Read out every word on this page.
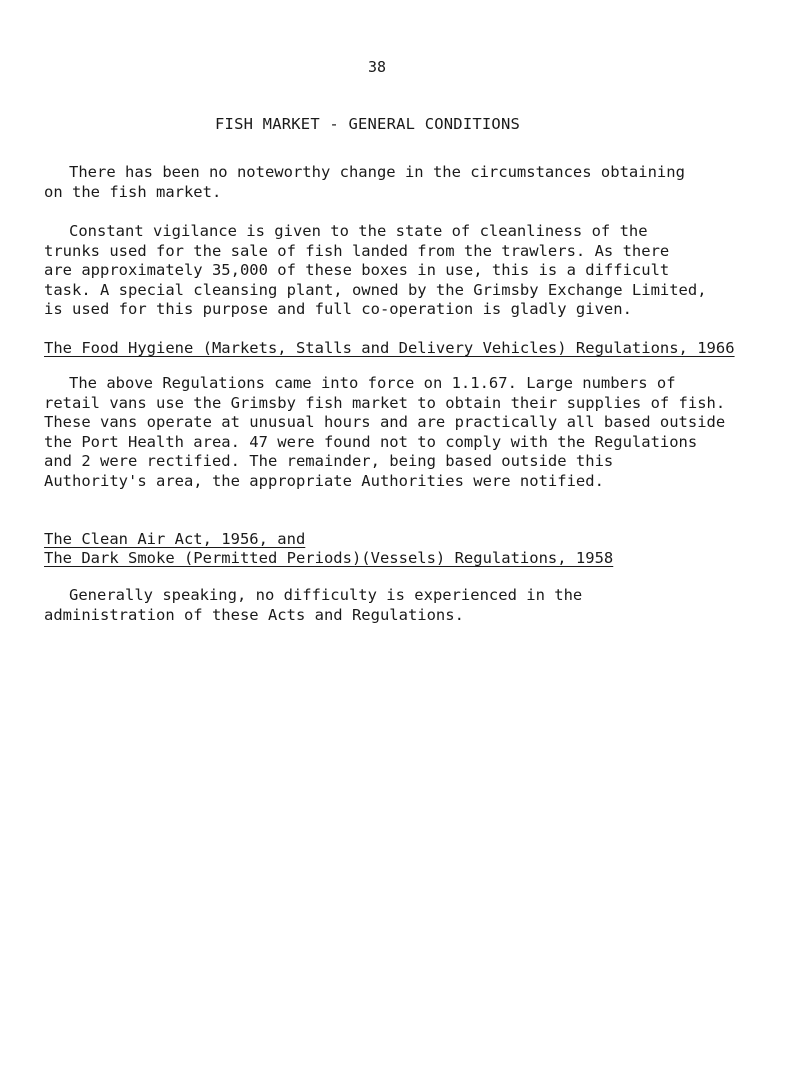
38
FISH MARKET - GENERAL CONDITIONS

There has been no noteworthy change in the circumstances obtaining
on the fish market.

Constant vigilance is given to the state of cleanliness of the
trunks used for the sale of fish landed from the trawlers. As there
are approximately 35,000 of these boxes in use, this is a difficult
task. A special cleansing plant, owned by the Grimsby Exchange Limited,
is used for this purpose and full co-operation is gladly given.

The Food Hygiene (Markets, Stalls and Delivery Vehicles) Regulations, 1966

The above Regulations came into force on 1.1.67. Large numbers of
retail vans use the Grimsby fish market to obtain their supplies of fish.
These vans operate at unusual hours and are practically all based outside
the Port Health area. 47 were found not to comply with the Regulations
and 2 were rectified. The remainder, being based outside this
Authority's area, the appropriate Authorities were notified.

The Clean Air Act, 1956, and
The Dark Smoke (Permitted Periods)(Vessels) Regulations, 1958

Generally speaking, no difficulty is experienced in the
administration of these Acts and Regulations.
